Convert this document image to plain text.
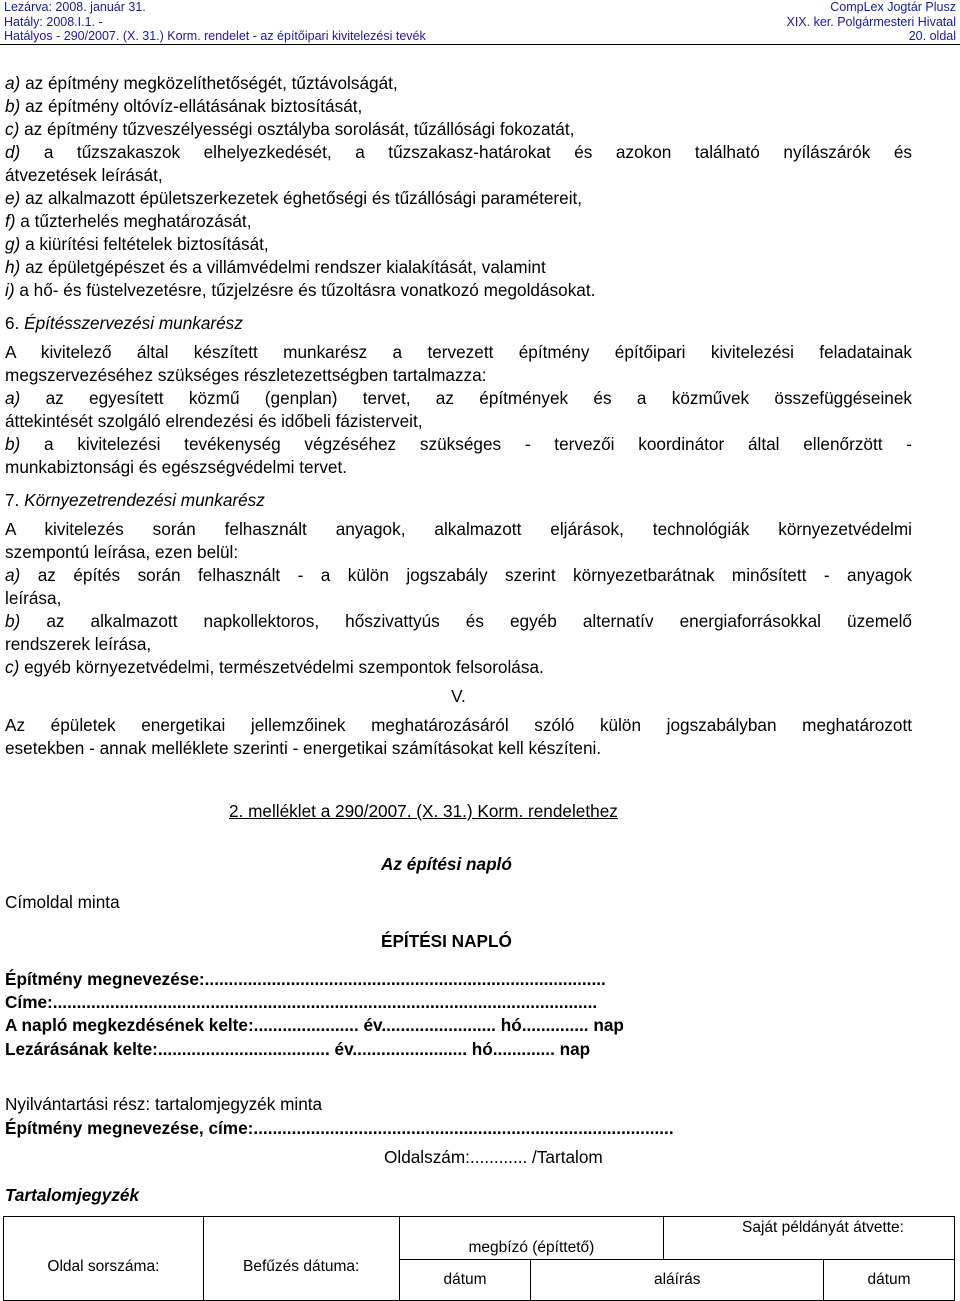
Lezárva: 2008. január 31.
Hatály: 2008.I.1. -
Hatályos - 290/2007. (X. 31.) Korm. rendelet - az építőipari kivitelezési tevék
CompLex Jogtár Plusz
XIX. ker. Polgármesteri Hivatal
20. oldal
a) az építmény megközelíthetőségét, tűztávolságát,
b) az építmény oltóvíz-ellátásának biztosítását,
c) az építmény tűzveszélyességi osztályba sorolását, tűzállósági fokozatát,
d) a tűzszakaszok elhelyezkedését, a tűzszakasz-határokat és azokon található nyílászárók és
átvezetések leírását,
e) az alkalmazott épületszerkezetek éghetőségi és tűzállósági paramétereit,
f) a tűzterhelés meghatározását,
g) a kiürítési feltételek biztosítását,
h) az épületgépészet és a villámvédelmi rendszer kialakítását, valamint
i) a hő- és füstelvezetésre, tűzjelzésre és tűzoltásra vonatkozó megoldásokat.
6. Építésszervezési munkarész
A kivitelező által készített munkarész a tervezett építmény építőipari kivitelezési feladatainak
megszervezéséhez szükséges részletezettségben tartalmazza:
a) az egyesített közmű (genplan) tervet, az építmények és a közművek összefüggéseinek
áttekintését szolgáló elrendezési és időbeli fázisterveit,
b) a kivitelezési tevékenység végzéséhez szükséges - tervezői koordinátor által ellenőrzött -
munkabiztonsági és egészségvédelmi tervet.
7. Környezetrendezési munkarész
A kivitelezés során felhasznált anyagok, alkalmazott eljárások, technológiák környezetvédelmi
szempontú leírása, ezen belül:
a) az építés során felhasznált - a külön jogszabály szerint környezetbarátnak minősített - anyagok
leírása,
b) az alkalmazott napkollektoros, hőszivattyús és egyéb alternatív energiaforrásokkal üzemelő
rendszerek leírása,
c) egyéb környezetvédelmi, természetvédelmi szempontok felsorolása.
V.
Az épületek energetikai jellemzőinek meghatározásáról szóló külön jogszabályban meghatározott
esetekben - annak melléklete szerinti - energetikai számításokat kell készíteni.
2. melléklet a 290/2007. (X. 31.) Korm. rendelethez
Az építési napló
Címoldal minta
ÉPÍTÉSI NAPLÓ
Építmény megnevezése:....................................................................................
Címe:..................................................................................................................
A napló megkezdésének kelte:...................... év........................ hó.............. nap
Lezárásának kelte:.................................... év........................ hó............. nap
Nyilvántartási rész: tartalomjegyzék minta
Építmény megnevezése, címe:........................................................................................
Oldalszám:............ /Tartalom
Tartalomjegyzék
Oldal sorszáma:	Befűzés dátuma:	megbízó (építtető)		Saját példányát átvette:	
		dátum	aláírás		dátum
